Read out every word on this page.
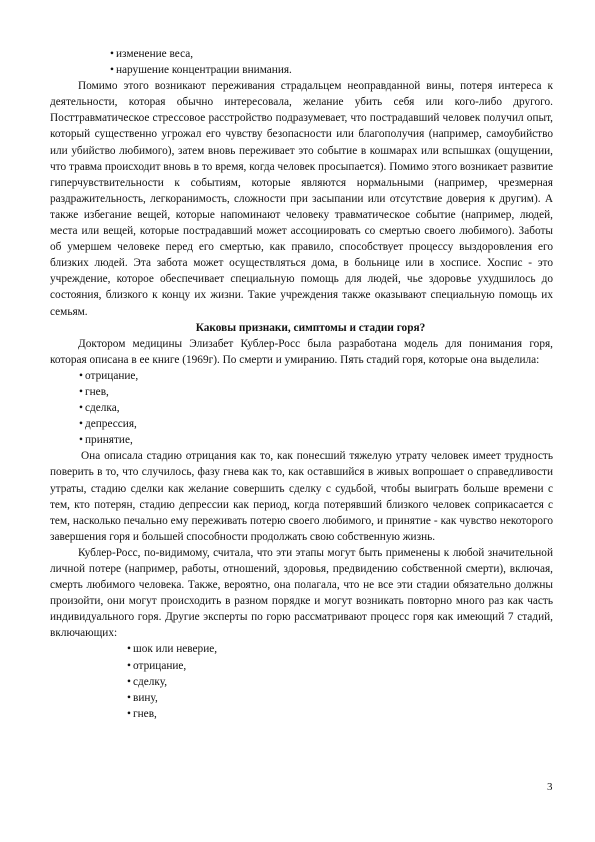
• изменение веса,
• нарушение концентрации внимания.

Помимо этого возникают переживания страдальцем неоправданной вины, потеря интереса к деятельности, которая обычно интересовала, желание убить себя или кого-либо другого. Посттравматическое стрессовое расстройство подразумевает, что пострадавший человек получил опыт, который существенно угрожал его чувству безопасности или благополучия (например, самоубийство или убийство любимого), затем вновь переживает это событие в кошмарах или вспышках (ощущении, что травма происходит вновь в то время, когда человек просыпается). Помимо этого возникает развитие гиперчувствительности к событиям, которые являются нормальными (например, чрезмерная раздражительность, легкоранимость, сложности при засыпании или отсутствие доверия к другим). А также избегание вещей, которые напоминают человеку травматическое событие (например, людей, места или вещей, которые пострадавший может ассоциировать со смертью своего любимого). Заботы об умершем человеке перед его смертью, как правило, способствует процессу выздоровления его близких людей. Эта забота может осуществляться дома, в больнице или в хосписе. Хоспис - это учреждение, которое обеспечивает специальную помощь для людей, чье здоровье ухудшилось до состояния, близкого к концу их жизни. Такие учреждения также оказывают специальную помощь их семьям.

Каковы признаки, симптомы и стадии горя?

Доктором медицины Элизабет Кублер-Росс была разработана модель для понимания горя, которая описана в ее книге (1969г). По смерти и умиранию. Пять стадий горя, которые она выделила:

• отрицание,
• гнев,
• сделка,
• депрессия,
• принятие,

Она описала стадию отрицания как то, как понесший тяжелую утрату человек имеет трудность поверить в то, что случилось, фазу гнева как то, как оставшийся в живых вопрошает о справедливости утраты, стадию сделки как желание совершить сделку с судьбой, чтобы выиграть больше времени с тем, кто потерян, стадию депрессии как период, когда потерявший близкого человек соприкасается с тем, насколько печально ему переживать потерю своего любимого, и принятие - как чувство некоторого завершения горя и большей способности продолжать свою собственную жизнь.

Кублер-Росс, по-видимому, считала, что эти этапы могут быть применены к любой значительной личной потере (например, работы, отношений, здоровья, предвидению собственной смерти), включая, смерть любимого человека. Также, вероятно, она полагала, что не все эти стадии обязательно должны произойти, они могут происходить в разном порядке и могут возникать повторно много раз как часть индивидуального горя. Другие эксперты по горю рассматривают процесс горя как имеющий 7 стадий, включающих:

• шок или неверие,
• отрицание,
• сделку,
• вину,
• гнев,
3
